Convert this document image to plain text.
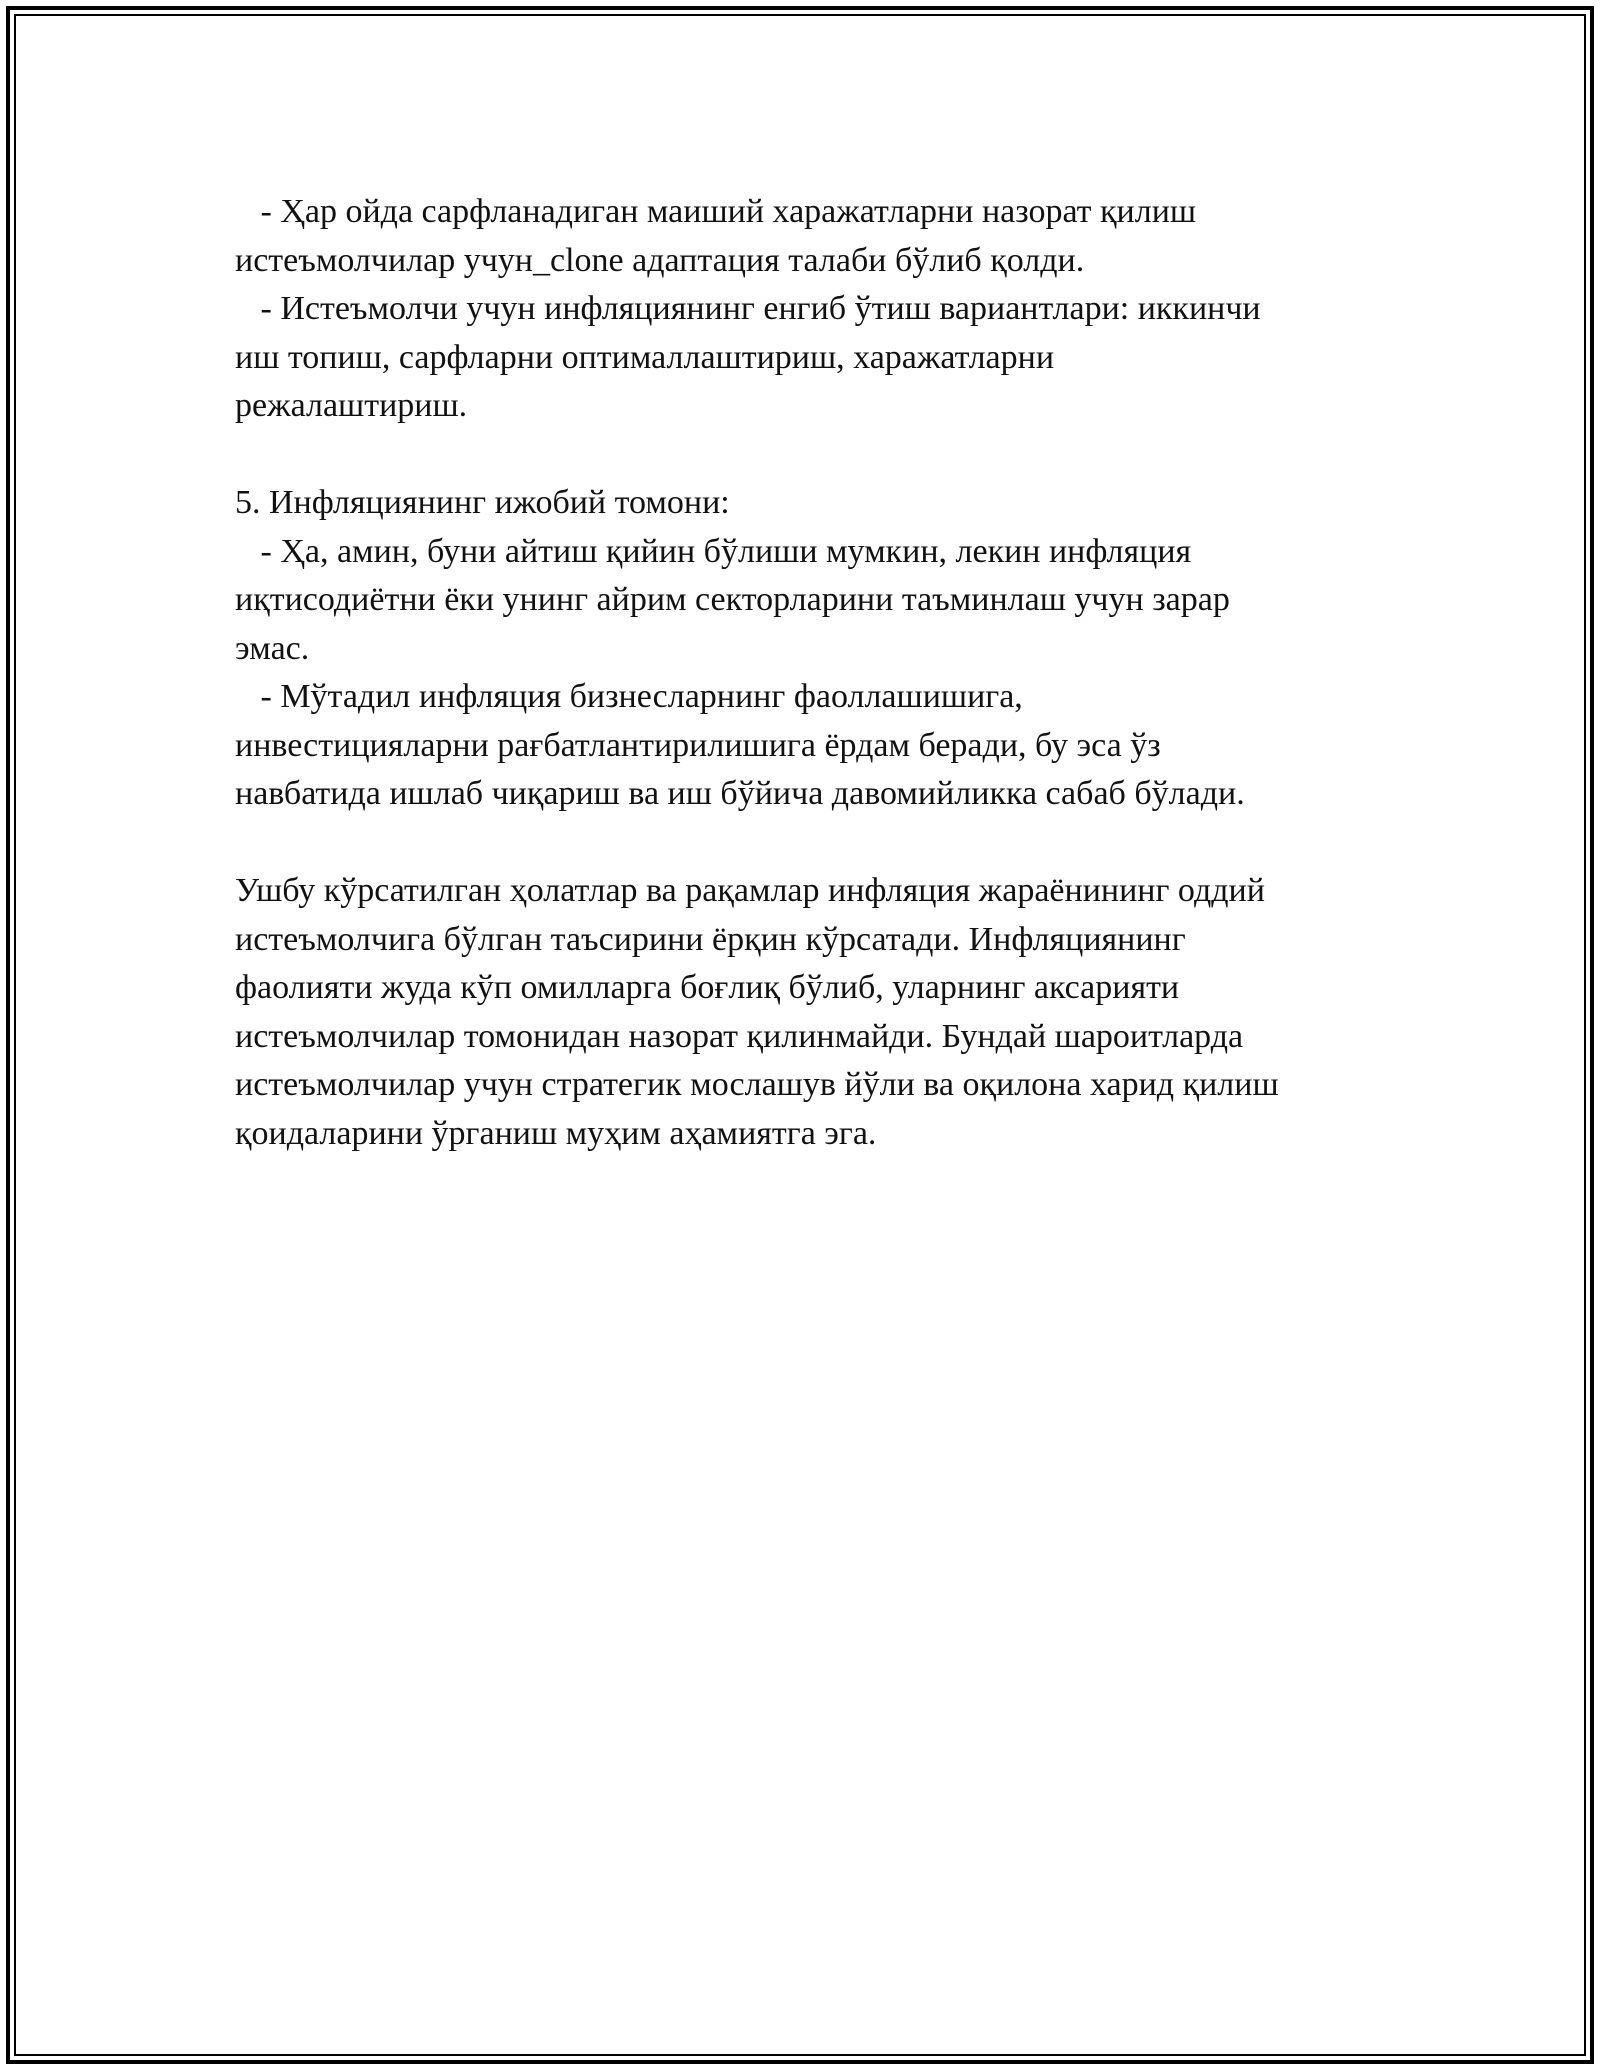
- Ҳар ойда сарфланадиган маиший харажатларни назорат қилиш
истеъмолчилар учун_clone адаптация талаби бўлиб қолди.
- Истеъмолчи учун инфляциянинг енгиб ўтиш вариантлари: иккинчи
иш топиш, сарфларни оптималлаштириш, харажатларни
режалаштириш.
5. Инфляциянинг ижобий томони:
- Ҳа, амин, буни айтиш қийин бўлиши мумкин, лекин инфляция
иқтисодиётни ёки унинг айрим секторларини таъминлаш учун зарар
эмас.
- Мўтадил инфляция бизнесларнинг фаоллашишига,
инвестицияларни рағбатлантирилишига ёрдам беради, бу эса ўз
навбатида ишлаб чиқариш ва иш бўйича давомийликка сабаб бўлади.
Ушбу кўрсатилган ҳолатлар ва рақамлар инфляция жараёнининг оддий
истеъмолчига бўлган таъсирини ёрқин кўрсатади. Инфляциянинг
фаолияти жуда кўп омилларга боғлиқ бўлиб, уларнинг аксарияти
истеъмолчилар томонидан назорат қилинмайди. Бундай шароитларда
истеъмолчилар учун стратегик мослашув йўли ва оқилона харид қилиш
қоидаларини ўрганиш муҳим аҳамиятга эга.
